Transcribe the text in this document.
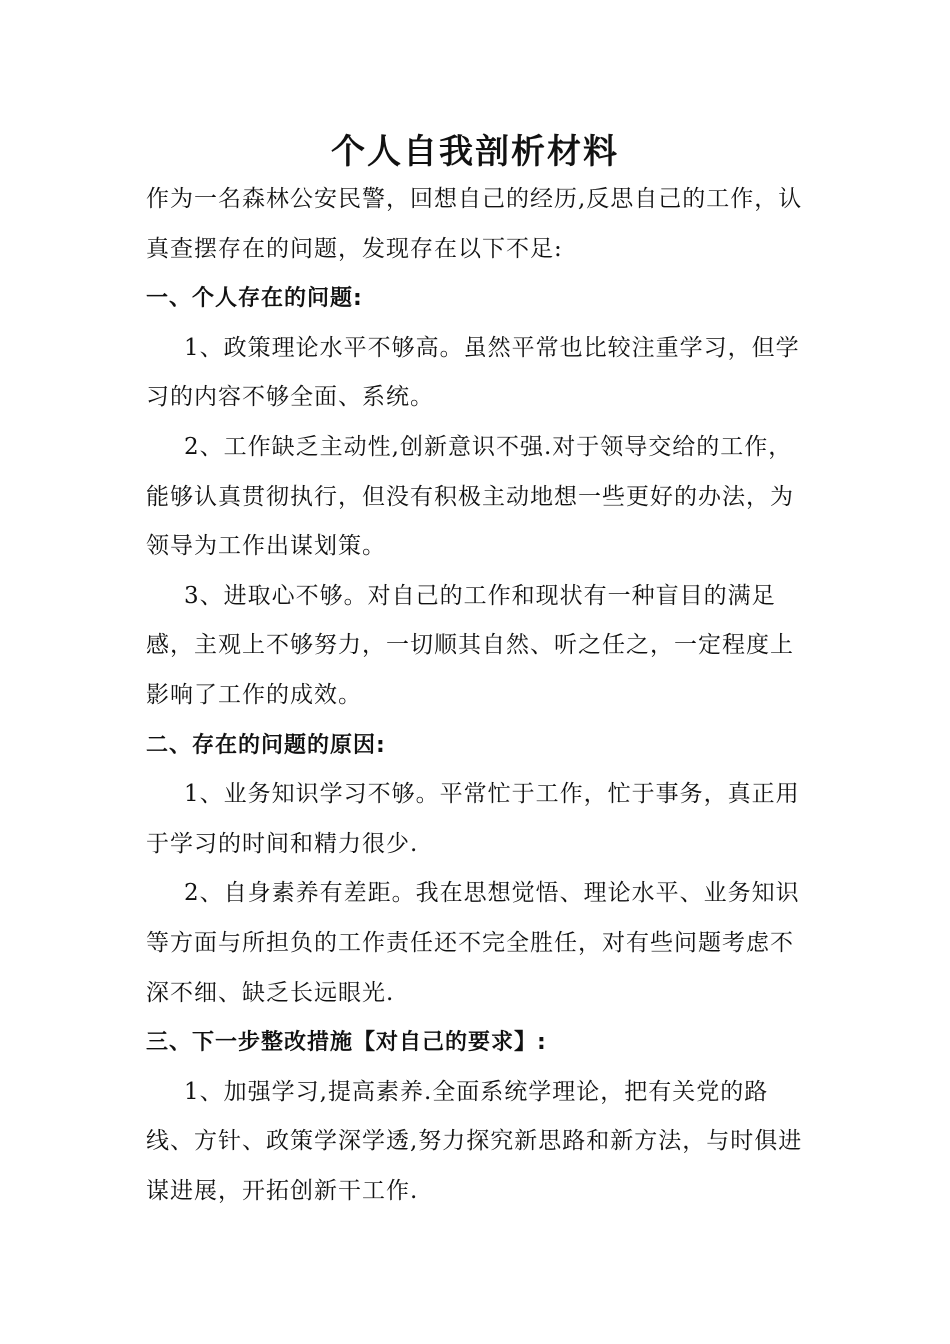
个人自我剖析材料

作为一名森林公安民警，回想自己的经历,反思自己的工作，认真查摆存在的问题，发现存在以下不足:

一、个人存在的问题:

1、政策理论水平不够高。虽然平常也比较注重学习，但学习的内容不够全面、系统。

2、工作缺乏主动性,创新意识不强.对于领导交给的工作，能够认真贯彻执行，但没有积极主动地想一些更好的办法，为领导为工作出谋划策。

3、进取心不够。对自己的工作和现状有一种盲目的满足感，主观上不够努力，一切顺其自然、听之任之，一定程度上影响了工作的成效。

二、存在的问题的原因:

1、业务知识学习不够。平常忙于工作，忙于事务，真正用于学习的时间和精力很少.

2、自身素养有差距。我在思想觉悟、理论水平、业务知识等方面与所担负的工作责任还不完全胜任，对有些问题考虑不深不细、缺乏长远眼光.

三、下一步整改措施【对自己的要求】:

1、加强学习,提高素养.全面系统学理论，把有关党的路线、方针、政策学深学透,努力探究新思路和新方法，与时俱进谋进展，开拓创新干工作.
